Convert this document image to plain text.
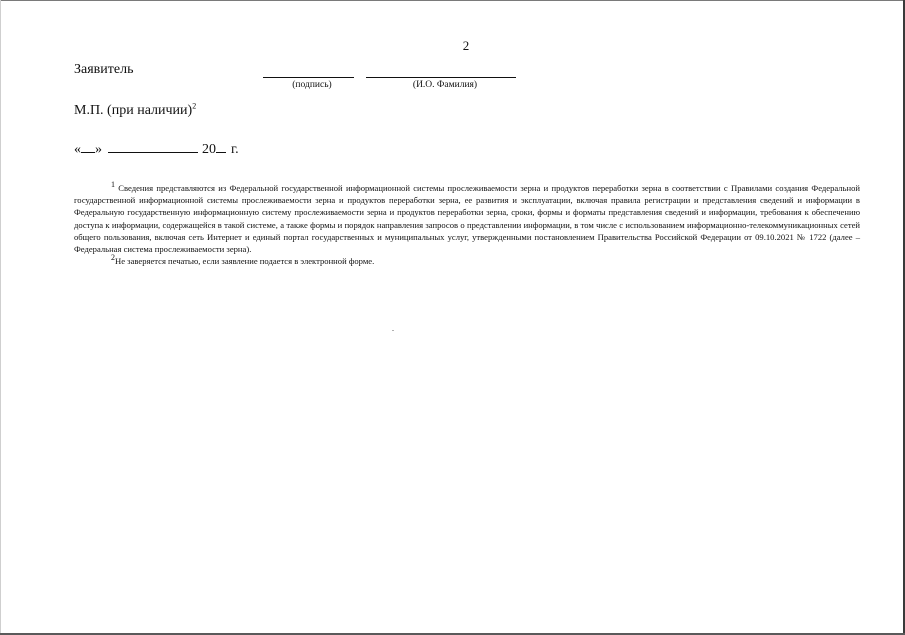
2
Заявитель
(подпись)	(И.О. Фамилия)
М.П. (при наличии)$^2$
« »	20 г.

$^1$ Сведения представляются из Федеральной государственной информационной системы прослеживаемости зерна и продуктов переработки зерна в соответствии с Правилами создания Федеральной государственной информационной системы прослеживаемости зерна и продуктов переработки зерна, ее развития и эксплуатации, включая правила регистрации и представления сведений и информации в Федеральную государственную информационную систему прослеживаемости зерна и продуктов переработки зерна, сроки, формы и форматы представления сведений и информации, требования к обеспечению доступа к информации, содержащейся в такой системе, а также формы и порядок направления запросов о представлении информации, в том числе с использованием информационно-телекоммуникационных сетей общего пользования, включая сеть Интернет и единый портал государственных и муниципальных услуг, утвержденными постановлением Правительства Российской Федерации от 09.10.2021 № 1722 (далее – Федеральная система прослеживаемости зерна).

$^2$Не заверяется печатью, если заявление подается в электронной форме.
